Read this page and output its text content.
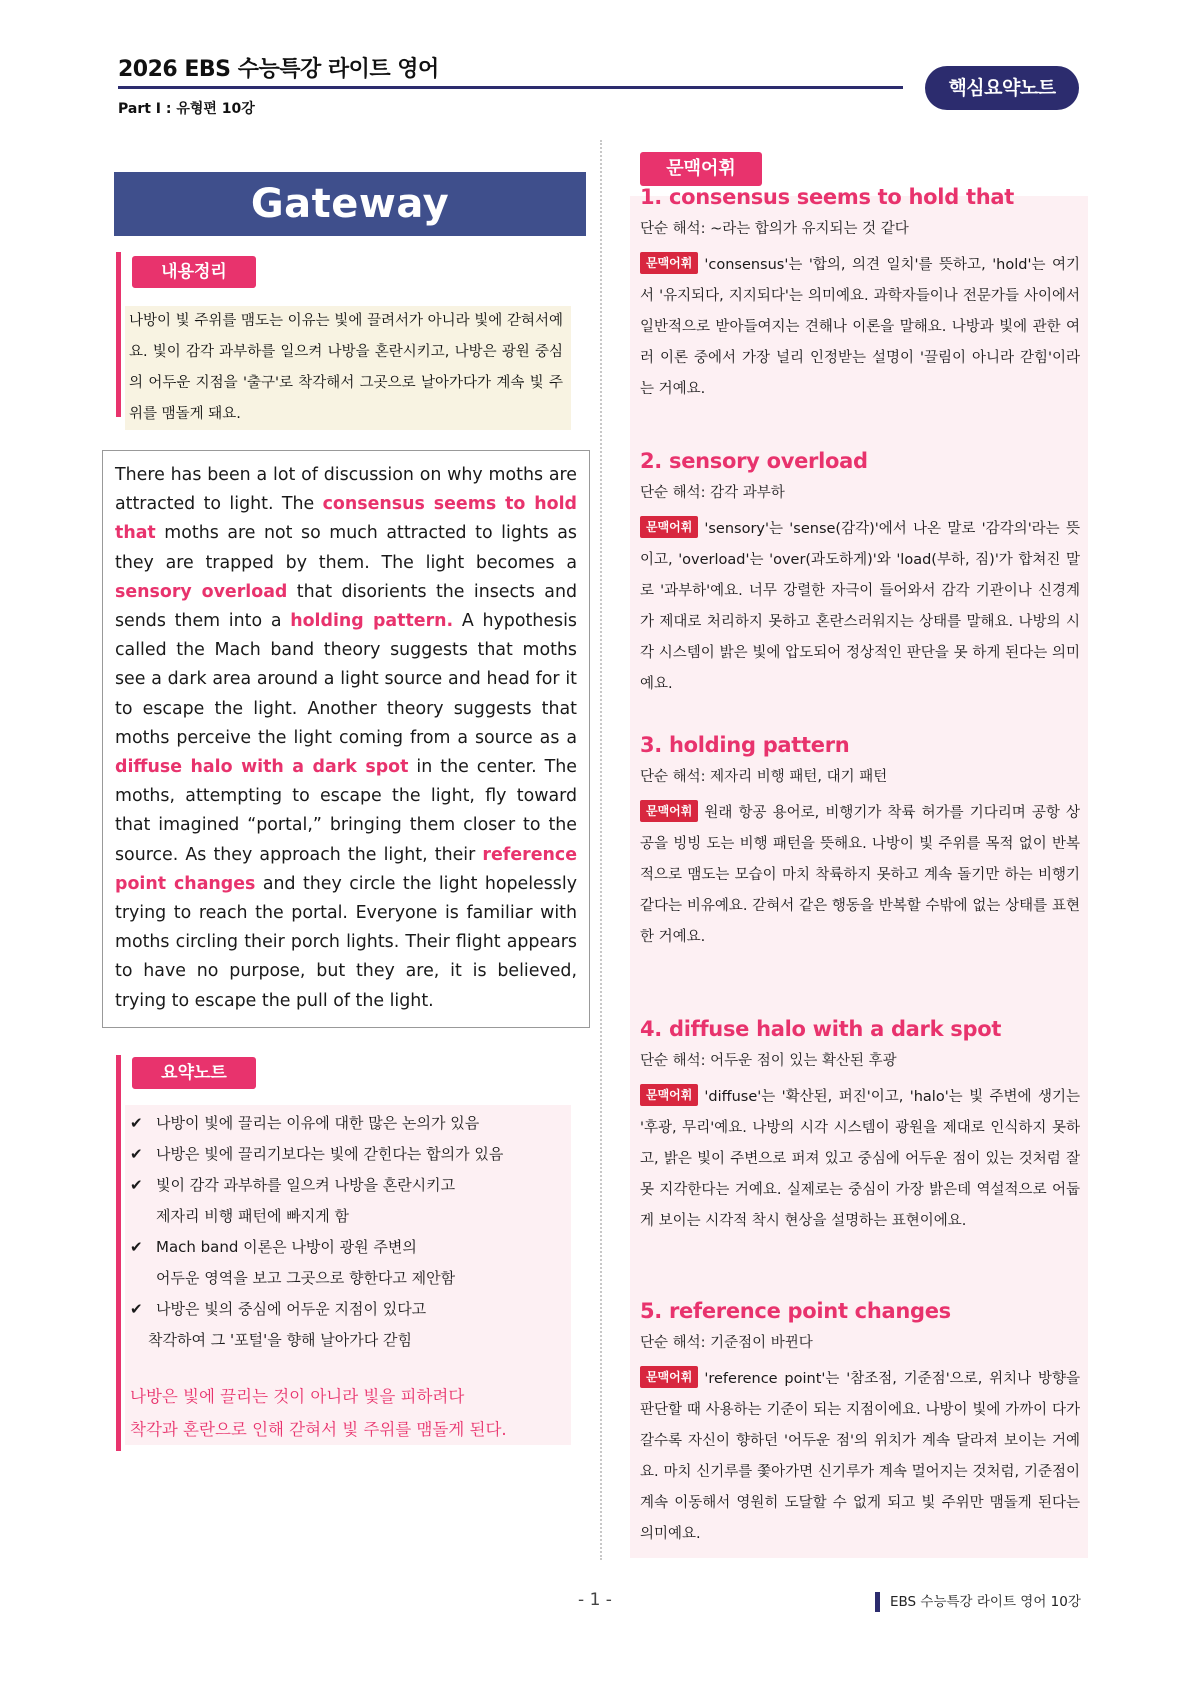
2026 EBS 수능특강 라이트 영어
Part Ⅰ : 유형편 10강
핵심요약노트
Gateway
내용정리
나방이 빛 주위를 맴도는 이유는 빛에 끌려서가 아니라 빛에 갇혀서예요. 빛이 감각 과부하를 일으켜 나방을 혼란시키고, 나방은 광원 중심의 어두운 지점을 '출구'로 착각해서 그곳으로 날아가다가 계속 빛 주위를 맴돌게 돼요.
There has been a lot of discussion on why moths are attracted to light. The consensus seems to hold that moths are not so much attracted to lights as they are trapped by them. The light becomes a sensory overload that disorients the insects and sends them into a holding pattern. A hypothesis called the Mach band theory suggests that moths see a dark area around a light source and head for it to escape the light. Another theory suggests that moths perceive the light coming from a source as a diffuse halo with a dark spot in the center. The moths, attempting to escape the light, fly toward that imagined “portal,” bringing them closer to the source. As they approach the light, their reference point changes and they circle the light hopelessly trying to reach the portal. Everyone is familiar with moths circling their porch lights. Their flight appears to have no purpose, but they are, it is believed, trying to escape the pull of the light.
요약노트
✔ 나방이 빛에 끌리는 이유에 대한 많은 논의가 있음
✔ 나방은 빛에 끌리기보다는 빛에 갇힌다는 합의가 있음
✔ 빛이 감각 과부하를 일으켜 나방을 혼란시키고
제자리 비행 패턴에 빠지게 함
✔ Mach band 이론은 나방이 광원 주변의
어두운 영역을 보고 그곳으로 향한다고 제안함
✔ 나방은 빛의 중심에 어두운 지점이 있다고
착각하여 그 '포털'을 향해 날아가다 갇힘
나방은 빛에 끌리는 것이 아니라 빛을 피하려다
착각과 혼란으로 인해 갇혀서 빛 주위를 맴돌게 된다.
문맥어휘
1. consensus seems to hold that
단순 해석: ~라는 합의가 유지되는 것 같다
문맥어휘 'consensus'는 '합의, 의견 일치'를 뜻하고, 'hold'는 여기서 '유지되다, 지지되다'는 의미예요. 과학자들이나 전문가들 사이에서 일반적으로 받아들여지는 견해나 이론을 말해요. 나방과 빛에 관한 여러 이론 중에서 가장 널리 인정받는 설명이 '끌림이 아니라 갇힘'이라는 거예요.
2. sensory overload
단순 해석: 감각 과부하
문맥어휘 'sensory'는 'sense(감각)'에서 나온 말로 '감각의'라는 뜻이고, 'overload'는 'over(과도하게)'와 'load(부하, 짐)'가 합쳐진 말로 '과부하'예요. 너무 강렬한 자극이 들어와서 감각 기관이나 신경계가 제대로 처리하지 못하고 혼란스러워지는 상태를 말해요. 나방의 시각 시스템이 밝은 빛에 압도되어 정상적인 판단을 못 하게 된다는 의미예요.
3. holding pattern
단순 해석: 제자리 비행 패턴, 대기 패턴
문맥어휘 원래 항공 용어로, 비행기가 착륙 허가를 기다리며 공항 상공을 빙빙 도는 비행 패턴을 뜻해요. 나방이 빛 주위를 목적 없이 반복적으로 맴도는 모습이 마치 착륙하지 못하고 계속 돌기만 하는 비행기 같다는 비유예요. 갇혀서 같은 행동을 반복할 수밖에 없는 상태를 표현한 거예요.
4. diffuse halo with a dark spot
단순 해석: 어두운 점이 있는 확산된 후광
문맥어휘 'diffuse'는 '확산된, 퍼진'이고, 'halo'는 빛 주변에 생기는 '후광, 무리'예요. 나방의 시각 시스템이 광원을 제대로 인식하지 못하고, 밝은 빛이 주변으로 퍼져 있고 중심에 어두운 점이 있는 것처럼 잘못 지각한다는 거예요. 실제로는 중심이 가장 밝은데 역설적으로 어둡게 보이는 시각적 착시 현상을 설명하는 표현이에요.
5. reference point changes
단순 해석: 기준점이 바뀐다
문맥어휘 'reference point'는 '참조점, 기준점'으로, 위치나 방향을 판단할 때 사용하는 기준이 되는 지점이에요. 나방이 빛에 가까이 다가갈수록 자신이 향하던 '어두운 점'의 위치가 계속 달라져 보이는 거예요. 마치 신기루를 쫓아가면 신기루가 계속 멀어지는 것처럼, 기준점이 계속 이동해서 영원히 도달할 수 없게 되고 빛 주위만 맴돌게 된다는 의미예요.
- 1 -	EBS 수능특강 라이트 영어 10강
